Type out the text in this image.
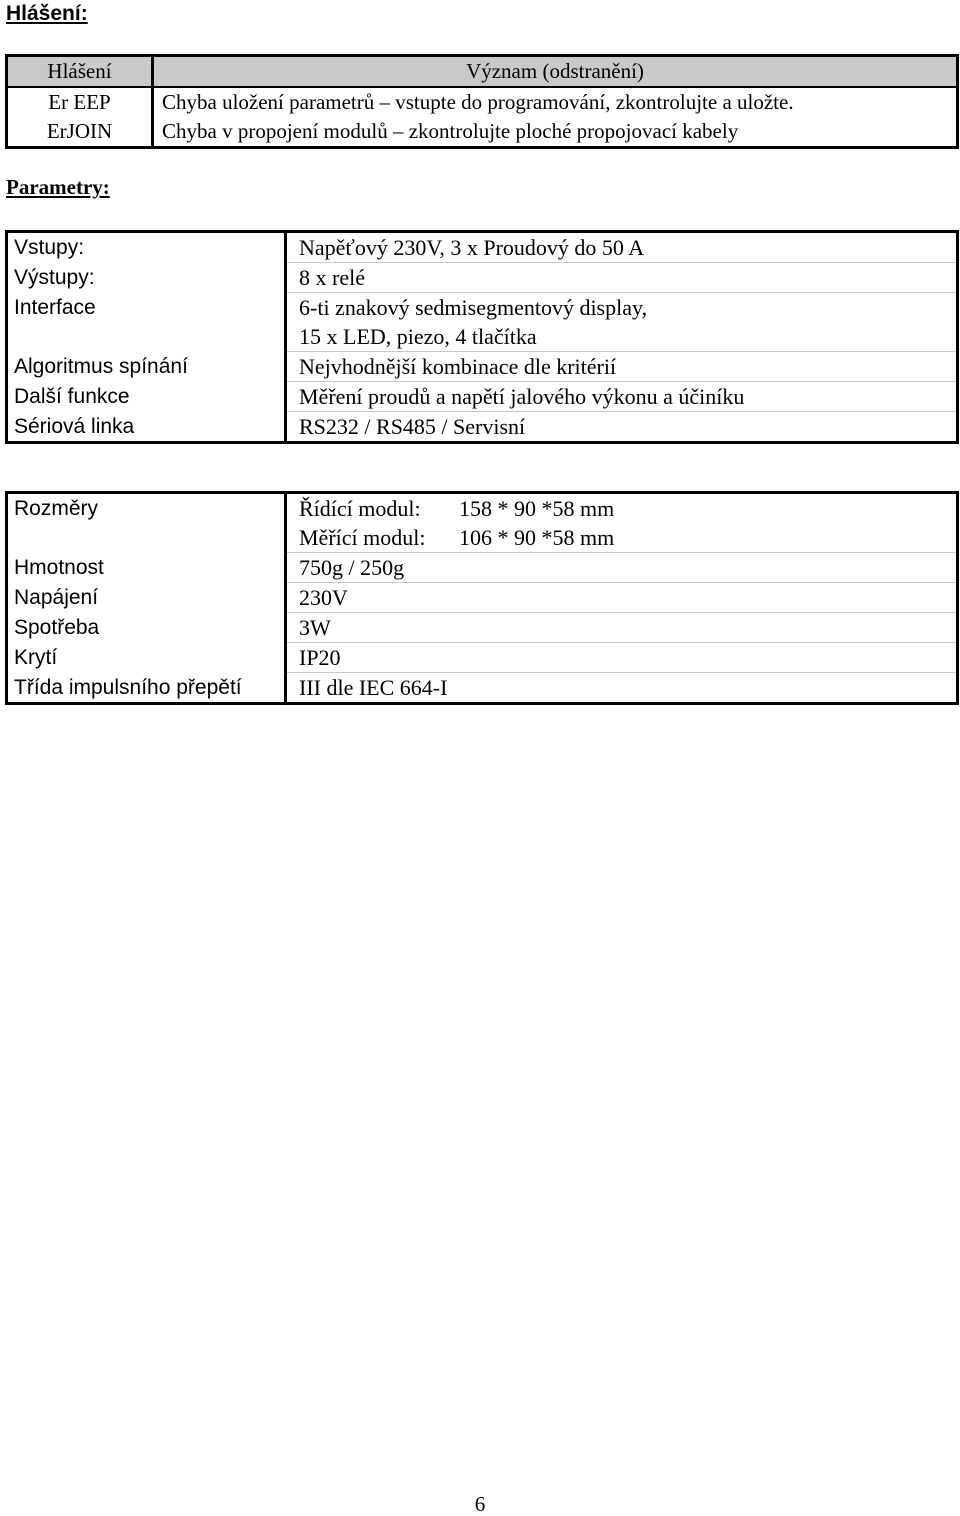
Hlášení:
Hlášení	Význam (odstranění)
Er EEP	Chyba uložení parametrů – vstupte do programování, zkontrolujte a uložte.
ErJOIN	Chyba v propojení modulů – zkontrolujte ploché propojovací kabely
Parametry:
Vstupy:	Napěťový 230V, 3 x Proudový do 50 A
Výstupy:	8 x relé
Interface	6-ti znakový sedmisegmentový display,
	15 x LED, piezo, 4 tlačítka
Algoritmus spínání	Nejvhodnější kombinace dle kritérií
Další funkce	Měření proudů a napětí jalového výkonu a účiníku
Sériová linka	RS232 / RS485 / Servisní
Rozměry	Řídící modul: 158 * 90 *58 mm
	Měřící modul: 106 * 90 *58 mm
Hmotnost	750g / 250g
Napájení	230V
Spotřeba	3W
Krytí	IP20
Třída impulsního přepětí	III dle IEC 664-I
6
